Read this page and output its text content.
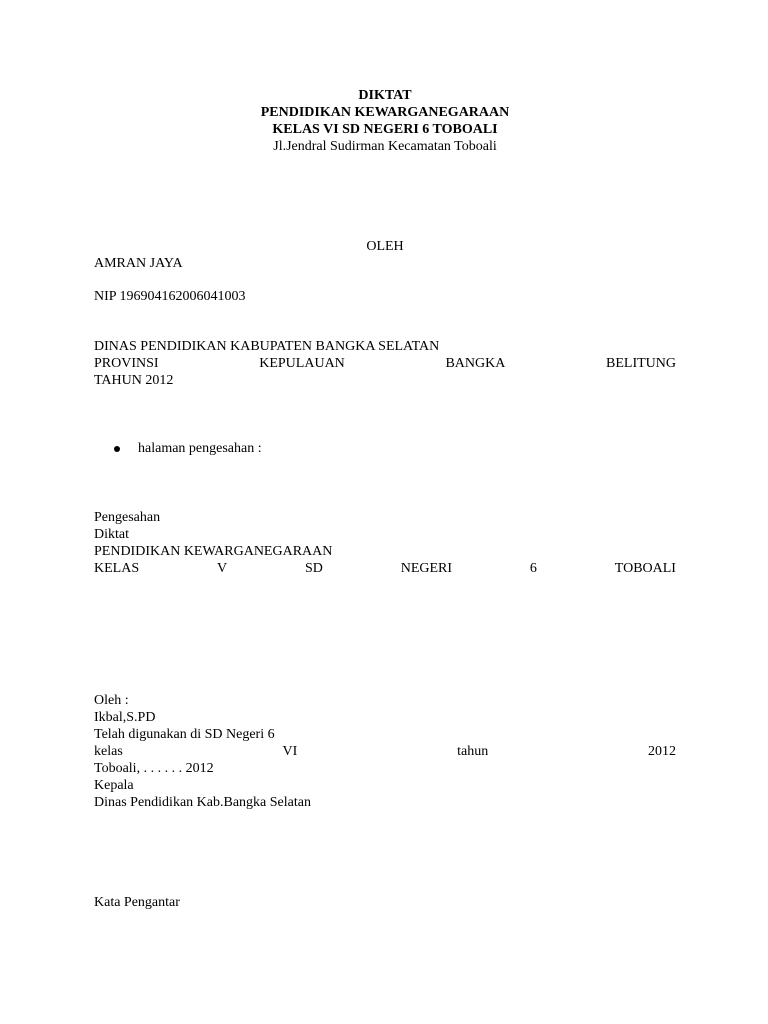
DIKTAT
PENDIDIKAN KEWARGANEGARAAN
KELAS VI SD NEGERI 6 TOBOALI
Jl.Jendral Sudirman Kecamatan Toboali
OLEH
AMRAN JAYA
NIP 196904162006041003
DINAS PENDIDIKAN KABUPATEN BANGKA SELATAN
PROVINSI	KEPULAUAN	BANGKA	BELITUNG
TAHUN 2012
halaman pengesahan :
Pengesahan
Diktat
PENDIDIKAN KEWARGANEGARAAN
KELAS	V	SD	NEGERI	6	TOBOALI
Oleh :
Ikbal,S.PD
Telah digunakan di SD Negeri 6
kelas	VI	tahun	2012
Toboali, . . . . . . 2012
Kepala
Dinas Pendidikan Kab.Bangka Selatan
Kata Pengantar
